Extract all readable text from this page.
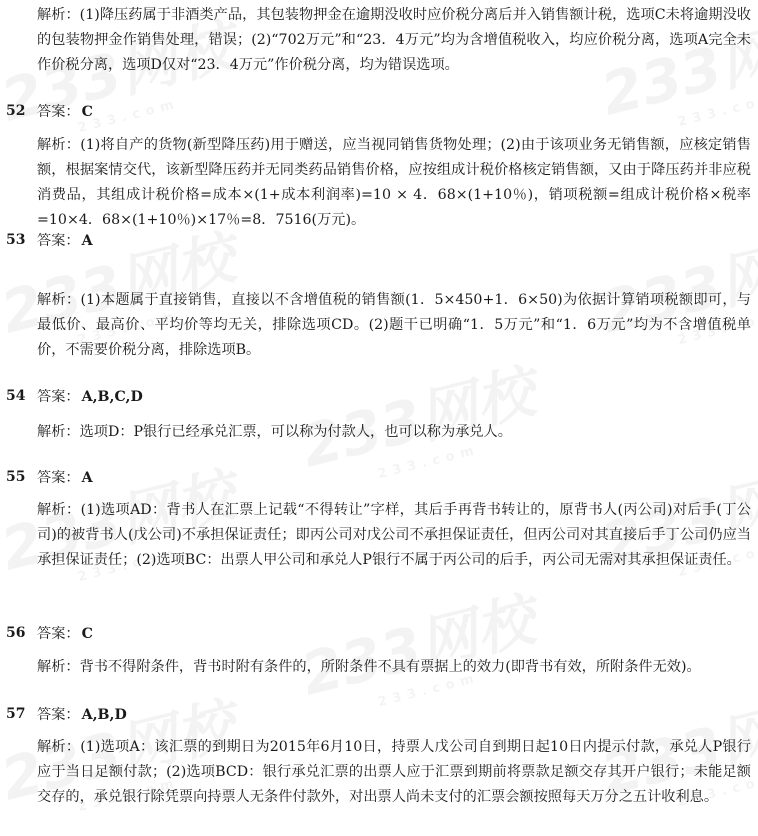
解析：(1)降压药属于非酒类产品，其包装物押金在逾期没收时应价税分离后并入销售额计税，选项C未将逾期没收的包装物押金作销售处理，错误；(2)“702万元”和“23．4万元”均为含增值税收入，均应价税分离，选项A完全未作价税分离，选项D仅对“23．4万元”作价税分离，均为错误选项。

52 答案： C

解析：(1)将自产的货物(新型降压药)用于赠送，应当视同销售货物处理；(2)由于该项业务无销售额，应核定销售额，根据案情交代，该新型降压药并无同类药品销售价格，应按组成计税价格核定销售额，又由于降压药并非应税消费品，其组成计税价格=成本×(1+成本利润率)=10 × 4．68×(1+10％)，销项税额=组成计税价格×税率=10×4．68×(1+10％)×17％=8．7516(万元)。

53 答案： A

解析：(1)本题属于直接销售，直接以不含增值税的销售额(1．5×450+1．6×50)为依据计算销项税额即可，与最低价、最高价、平均价等均无关，排除选项CD。(2)题干已明确“1．5万元”和“1．6万元”均为不含增值税单价，不需要价税分离，排除选项B。

54 答案： A,B,C,D

解析：选项D：P银行已经承兑汇票，可以称为付款人，也可以称为承兑人。

55 答案： A

解析：(1)选项AD：背书人在汇票上记载“不得转让”字样，其后手再背书转让的，原背书人(丙公司)对后手(丁公司)的被背书人(戊公司)不承担保证责任；即丙公司对戊公司不承担保证责任，但丙公司对其直接后手丁公司仍应当承担保证责任；(2)选项BC：出票人甲公司和承兑人P银行不属于丙公司的后手，丙公司无需对其承担保证责任。

56 答案： C

解析：背书不得附条件，背书时附有条件的，所附条件不具有票据上的效力(即背书有效，所附条件无效)。

57 答案： A,B,D

解析：(1)选项A：该汇票的到期日为2015年6月10日，持票人戊公司自到期日起10日内提示付款，承兑人P银行应于当日足额付款；(2)选项BCD：银行承兑汇票的出票人应于汇票到期前将票款足额交存其开户银行；未能足额交存的，承兑银行除凭票向持票人无条件付款外，对出票人尚未支付的汇票会额按照每天万分之五计收利息。
